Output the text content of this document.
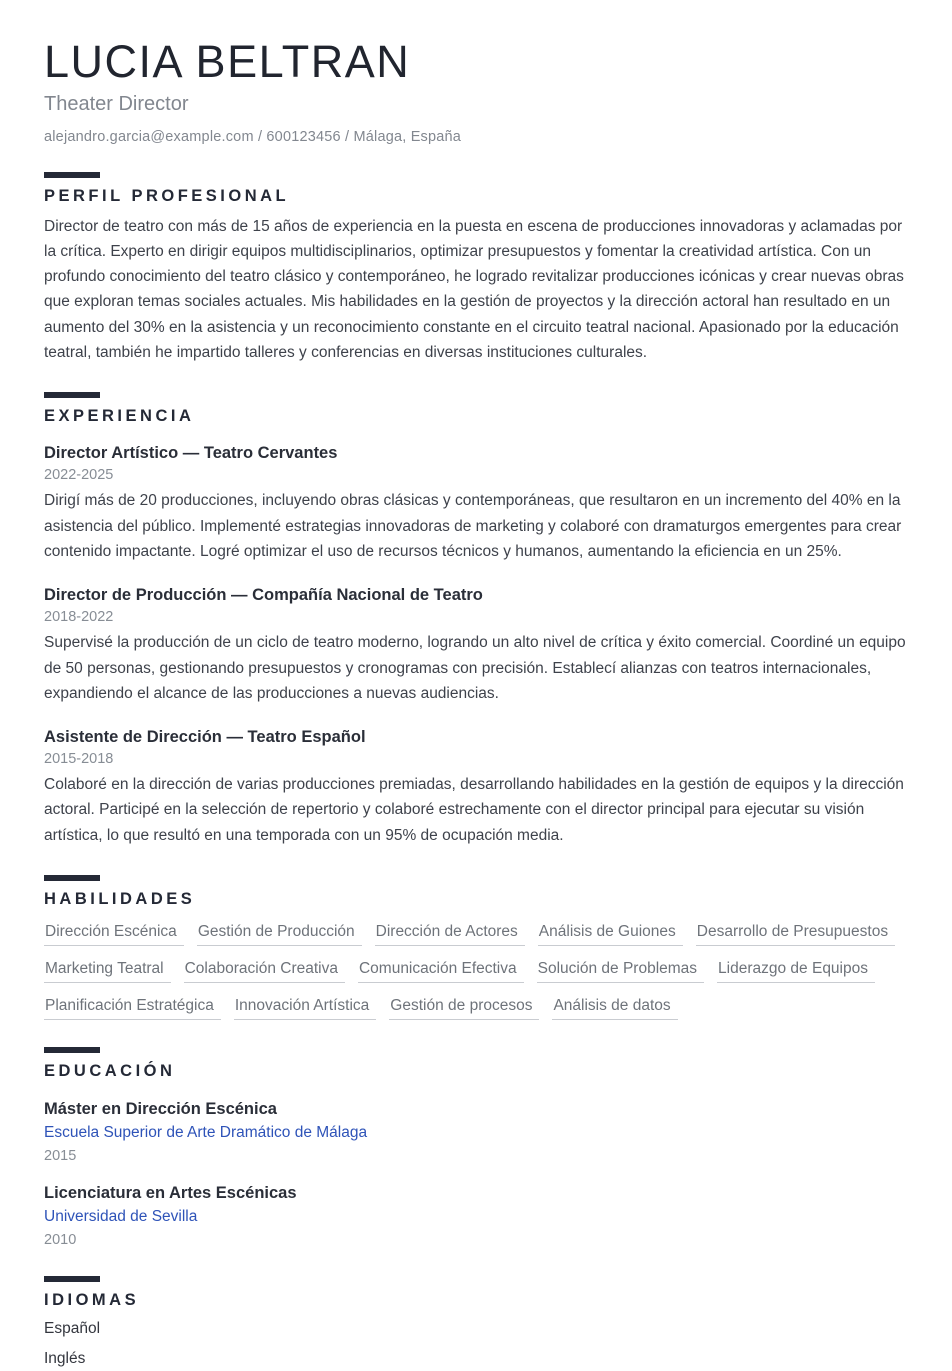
LUCIA BELTRAN
Theater Director
alejandro.garcia@example.com / 600123456 / Málaga, España
PERFIL PROFESIONAL

Director de teatro con más de 15 años de experiencia en la puesta en escena de producciones innovadoras y aclamadas por la crítica. Experto en dirigir equipos multidisciplinarios, optimizar presupuestos y fomentar la creatividad artística. Con un profundo conocimiento del teatro clásico y contemporáneo, he logrado revitalizar producciones icónicas y crear nuevas obras que exploran temas sociales actuales. Mis habilidades en la gestión de proyectos y la dirección actoral han resultado en un aumento del 30% en la asistencia y un reconocimiento constante en el circuito teatral nacional. Apasionado por la educación teatral, también he impartido talleres y conferencias en diversas instituciones culturales.

EXPERIENCIA
Director Artístico — Teatro Cervantes
2022-2025

Dirigí más de 20 producciones, incluyendo obras clásicas y contemporáneas, que resultaron en un incremento del 40% en la asistencia del público. Implementé estrategias innovadoras de marketing y colaboré con dramaturgos emergentes para crear contenido impactante. Logré optimizar el uso de recursos técnicos y humanos, aumentando la eficiencia en un 25%.

Director de Producción — Compañía Nacional de Teatro
2018-2022

Supervisé la producción de un ciclo de teatro moderno, logrando un alto nivel de crítica y éxito comercial. Coordiné un equipo de 50 personas, gestionando presupuestos y cronogramas con precisión. Establecí alianzas con teatros internacionales, expandiendo el alcance de las producciones a nuevas audiencias.

Asistente de Dirección — Teatro Español
2015-2018

Colaboré en la dirección de varias producciones premiadas, desarrollando habilidades en la gestión de equipos y la dirección actoral. Participé en la selección de repertorio y colaboré estrechamente con el director principal para ejecutar su visión artística, lo que resultó en una temporada con un 95% de ocupación media.

HABILIDADES
Dirección Escénica	Gestión de Producción	Dirección de Actores	Análisis de Guiones	Desarrollo de Presupuestos
Marketing Teatral	Colaboración Creativa	Comunicación Efectiva	Solución de Problemas	Liderazgo de Equipos
Planificación Estratégica	Innovación Artística	Gestión de procesos	Análisis de datos
EDUCACIÓN
Máster en Dirección Escénica
Escuela Superior de Arte Dramático de Málaga
2015
Licenciatura en Artes Escénicas
Universidad de Sevilla
2010
IDIOMAS
Español
Inglés
